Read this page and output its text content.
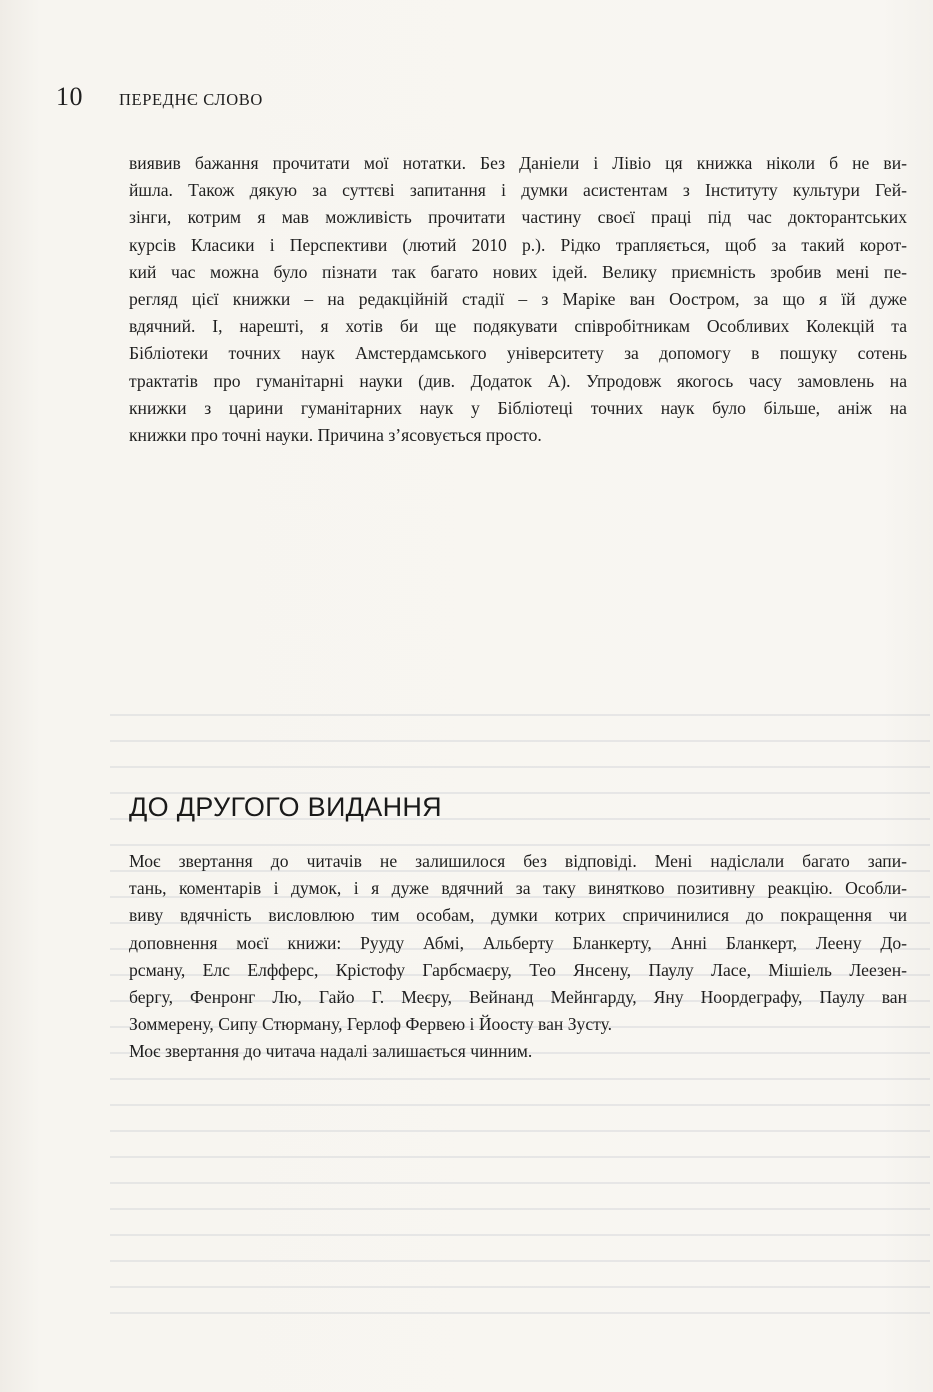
10 ПЕРЕДНЄ СЛОВО
виявив бажання прочитати мої нотатки. Без Даніели і Лівіо ця книжка ніколи б не ви-
йшла. Також дякую за суттєві запитання і думки асистентам з Інституту культури Гей-
зінги, котрим я мав можливість прочитати частину своєї праці під час докторантських
курсів Класики і Перспективи (лютий 2010 р.). Рідко трапляється, щоб за такий корот-
кий час можна було пізнати так багато нових ідей. Велику приємність зробив мені пе-
регляд цієї книжки – на редакційній стадії – з Маріке ван Оостром, за що я їй дуже
вдячний. І, нарешті, я хотів би ще подякувати співробітникам Особливих Колекцій та
Бібліотеки точних наук Амстердамського університету за допомогу в пошуку сотень
трактатів про гуманітарні науки (див. Додаток А). Упродовж якогось часу замовлень на
книжки з царини гуманітарних наук у Бібліотеці точних наук було більше, аніж на
книжки про точні науки. Причина з’ясовується просто.
ДО ДРУГОГО ВИДАННЯ
Моє звертання до читачів не залишилося без відповіді. Мені надіслали багато запи-
тань, коментарів і думок, і я дуже вдячний за таку винятково позитивну реакцію. Особли-
виву вдячність висловлюю тим особам, думки котрих спричинилися до покращення чи
доповнення моєї книжи: Рууду Абмі, Альберту Бланкерту, Анні Бланкерт, Леену До-
рсману, Елс Елфферс, Крістофу Гарбсмаєру, Тео Янсену, Паулу Ласе, Мішіель Леезен-
бергу, Фенронг Лю, Гайо Г. Меєру, Вейнанд Мейнгарду, Яну Ноордеграфу, Паулу ван
Зоммерену, Сипу Стюрману, Герлоф Фервею і Йоосту ван Зусту.
Моє звертання до читача надалі залишається чинним.
